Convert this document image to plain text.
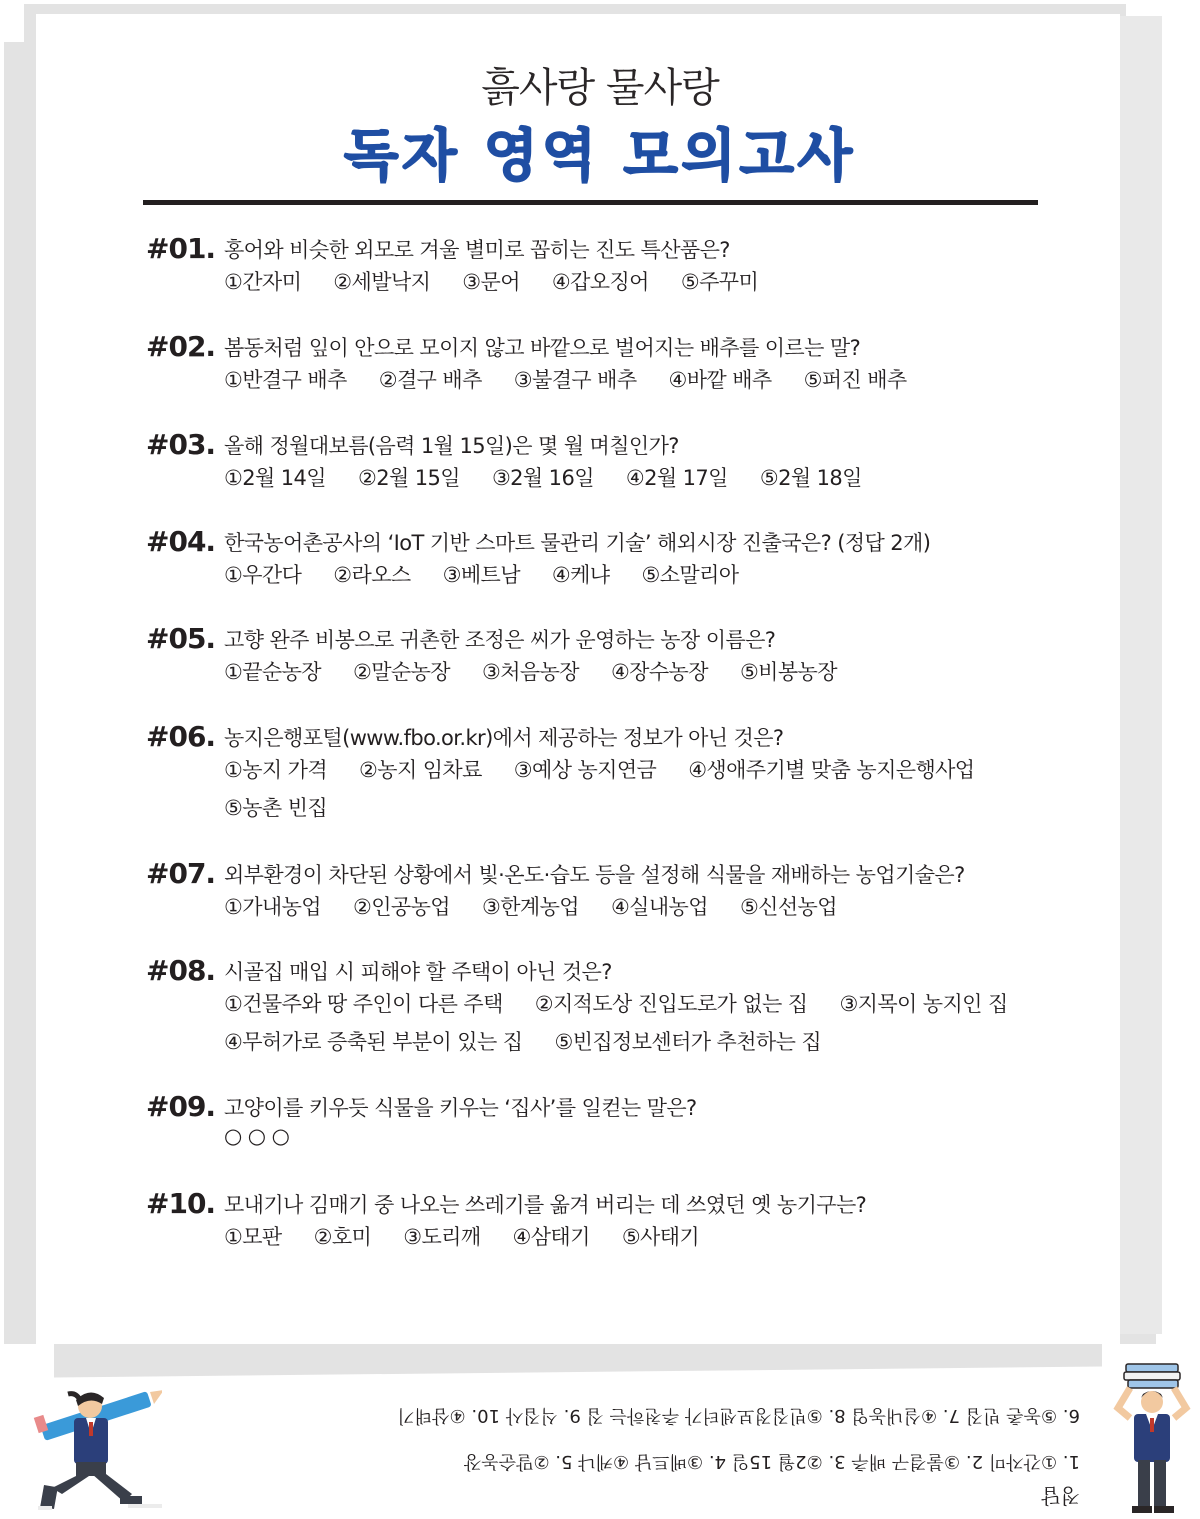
흙사랑 물사랑
독자 영역 모의고사
#01. 홍어와 비슷한 외모로 겨울 별미로 꼽히는 진도 특산품은?
①간자미 ②세발낙지 ③문어 ④갑오징어 ⑤주꾸미
#02. 봄동처럼 잎이 안으로 모이지 않고 바깥으로 벌어지는 배추를 이르는 말?
①반결구 배추 ②결구 배추 ③불결구 배추 ④바깥 배추 ⑤퍼진 배추
#03. 올해 정월대보름(음력 1월 15일)은 몇 월 며칠인가?
①2월 14일 ②2월 15일 ③2월 16일 ④2월 17일 ⑤2월 18일
#04. 한국농어촌공사의 ‘IoT 기반 스마트 물관리 기술’ 해외시장 진출국은? (정답 2개)
①우간다 ②라오스 ③베트남 ④케냐 ⑤소말리아
#05. 고향 완주 비봉으로 귀촌한 조정은 씨가 운영하는 농장 이름은?
①끝순농장 ②말순농장 ③처음농장 ④장수농장 ⑤비봉농장
#06. 농지은행포털(www.fbo.or.kr)에서 제공하는 정보가 아닌 것은?
①농지 가격 ②농지 임차료 ③예상 농지연금 ④생애주기별 맞춤 농지은행사업
⑤농촌 빈집
#07. 외부환경이 차단된 상황에서 빛·온도·습도 등을 설정해 식물을 재배하는 농업기술은?
①가내농업 ②인공농업 ③한계농업 ④실내농업 ⑤신선농업
#08. 시골집 매입 시 피해야 할 주택이 아닌 것은?
①건물주와 땅 주인이 다른 주택 ②지적도상 진입도로가 없는 집 ③지목이 농지인 집
④무허가로 증축된 부분이 있는 집 ⑤빈집정보센터가 추천하는 집
#09. 고양이를 키우듯 식물을 키우는 ‘집사’를 일컫는 말은?
○ ○ ○
#10. 모내기나 김매기 중 나오는 쓰레기를 옮겨 버리는 데 쓰였던 옛 농기구는?
①모판 ②호미 ③도리깨 ④삼태기 ⑤사태기
정답
1. ①간자미 2. ③불결구 배추 3. ②2월 15일 4. ③베트남 ④케냐 5. ②말순농장
6. ⑤농촌 빈집 7. ④실내농업 8. ⑤빈집정보센터가 추천하는 집 9. 식집사 10. ④삼태기
